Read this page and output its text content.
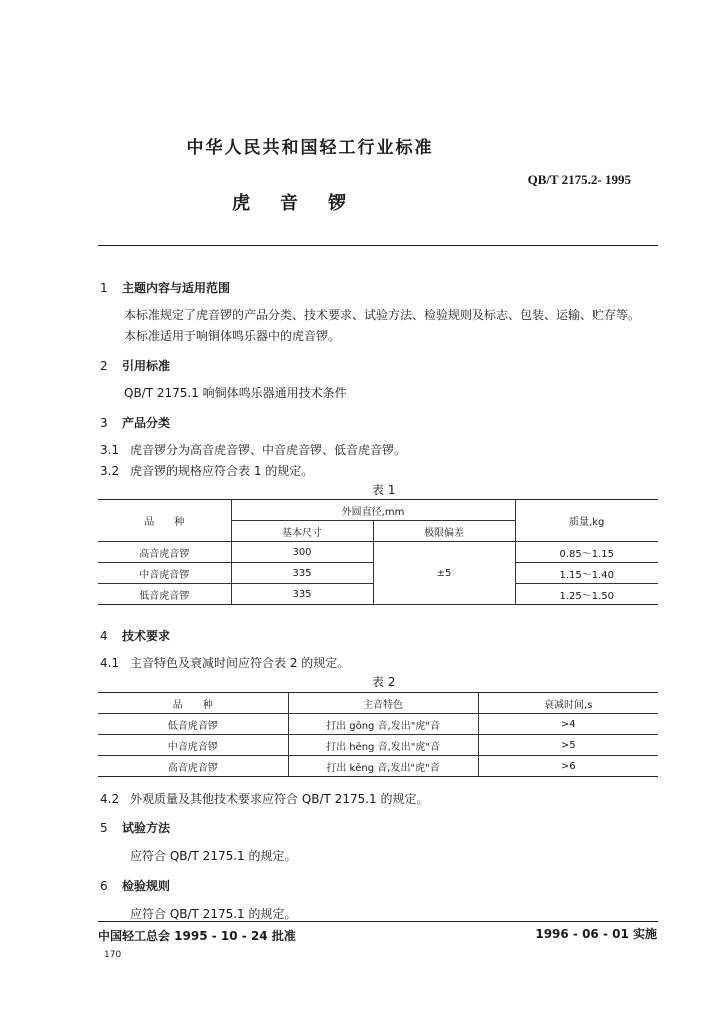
中华人民共和国轻工行业标准
QB/T 2175.2- 1995
虎音锣
1 主题内容与适用范围
本标准规定了虎音锣的产品分类、技术要求、试验方法、检验规则及标志、包装、运输、贮存等。
本标准适用于响铜体鸣乐器中的虎音锣。
2 引用标准
QB/T 2175.1 响铜体鸣乐器通用技术条件
3 产品分类
3.1 虎音锣分为高音虎音锣、中音虎音锣、低音虎音锣。
3.2 虎音锣的规格应符合表 1 的规定。
表 1
品　　种	外圆直径,mm		质量,kg
	基本尺寸	极限偏差	
高音虎音锣	300	±5	0.85～1.15
中音虎音锣	335		1.15～1.40
低音虎音锣	335		1.25～1.50
4 技术要求
4.1 主音特色及衰减时间应符合表 2 的规定。
表 2
品　　种	主音特色	衰减时间,s
低音虎音锣	打出 gōng 音,发出"虎"音	>4
中音虎音锣	打出 hēng 音,发出"虎"音	>5
高音虎音锣	打出 kēng 音,发出"虎"音	>6
4.2 外观质量及其他技术要求应符合 QB/T 2175.1 的规定。
5 试验方法
应符合 QB/T 2175.1 的规定。
6 检验规则
应符合 QB/T 2175.1 的规定。
中国轻工总会 1995 - 10 - 24 批准	1996 - 06 - 01 实施
170
